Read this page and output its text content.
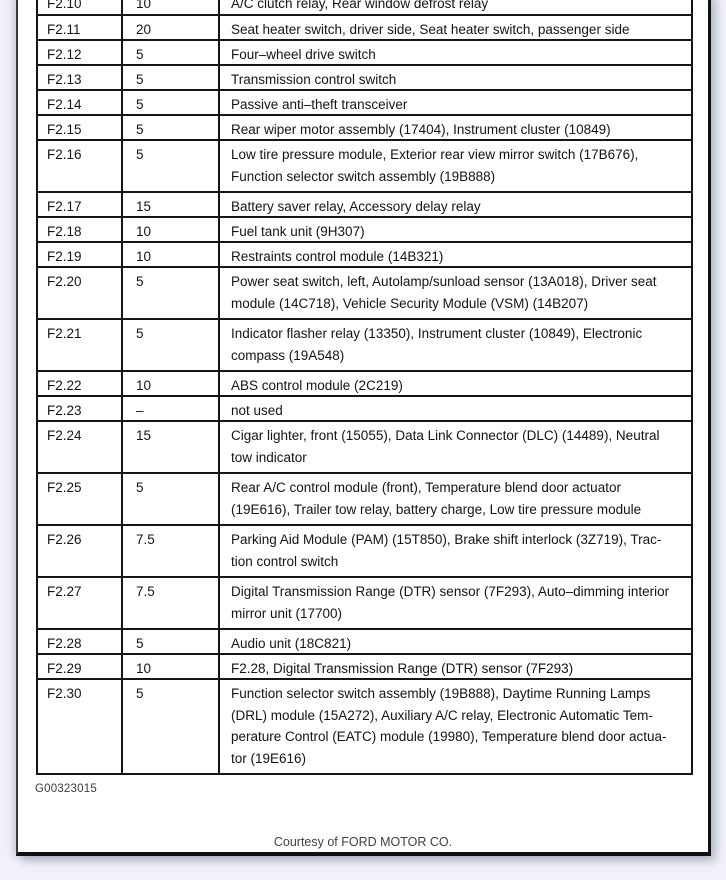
F2.10	10	A/C clutch relay, Rear window defrost relay
F2.11	20	Seat heater switch, driver side, Seat heater switch, passenger side
F2.12	5	Four–wheel drive switch
F2.13	5	Transmission control switch
F2.14	5	Passive anti–theft transceiver
F2.15	5	Rear wiper motor assembly (17404), Instrument cluster (10849)
F2.16	5	Low tire pressure module, Exterior rear view mirror switch (17B676),
Function selector switch assembly (19B888)
F2.17	15	Battery saver relay, Accessory delay relay
F2.18	10	Fuel tank unit (9H307)
F2.19	10	Restraints control module (14B321)
F2.20	5	Power seat switch, left, Autolamp/sunload sensor (13A018), Driver seat
module (14C718), Vehicle Security Module (VSM) (14B207)
F2.21	5	Indicator flasher relay (13350), Instrument cluster (10849), Electronic
compass (19A548)
F2.22	10	ABS control module (2C219)
F2.23	–	not used
F2.24	15	Cigar lighter, front (15055), Data Link Connector (DLC) (14489), Neutral
tow indicator
F2.25	5	Rear A/C control module (front), Temperature blend door actuator
(19E616), Trailer tow relay, battery charge, Low tire pressure module
F2.26	7.5	Parking Aid Module (PAM) (15T850), Brake shift interlock (3Z719), Trac-
tion control switch
F2.27	7.5	Digital Transmission Range (DTR) sensor (7F293), Auto–dimming interior
mirror unit (17700)
F2.28	5	Audio unit (18C821)
F2.29	10	F2.28, Digital Transmission Range (DTR) sensor (7F293)
F2.30	5	Function selector switch assembly (19B888), Daytime Running Lamps
(DRL) module (15A272), Auxiliary A/C relay, Electronic Automatic Tem-
perature Control (EATC) module (19980), Temperature blend door actua-
tor (19E616)
G00323015
Courtesy of FORD MOTOR CO.
